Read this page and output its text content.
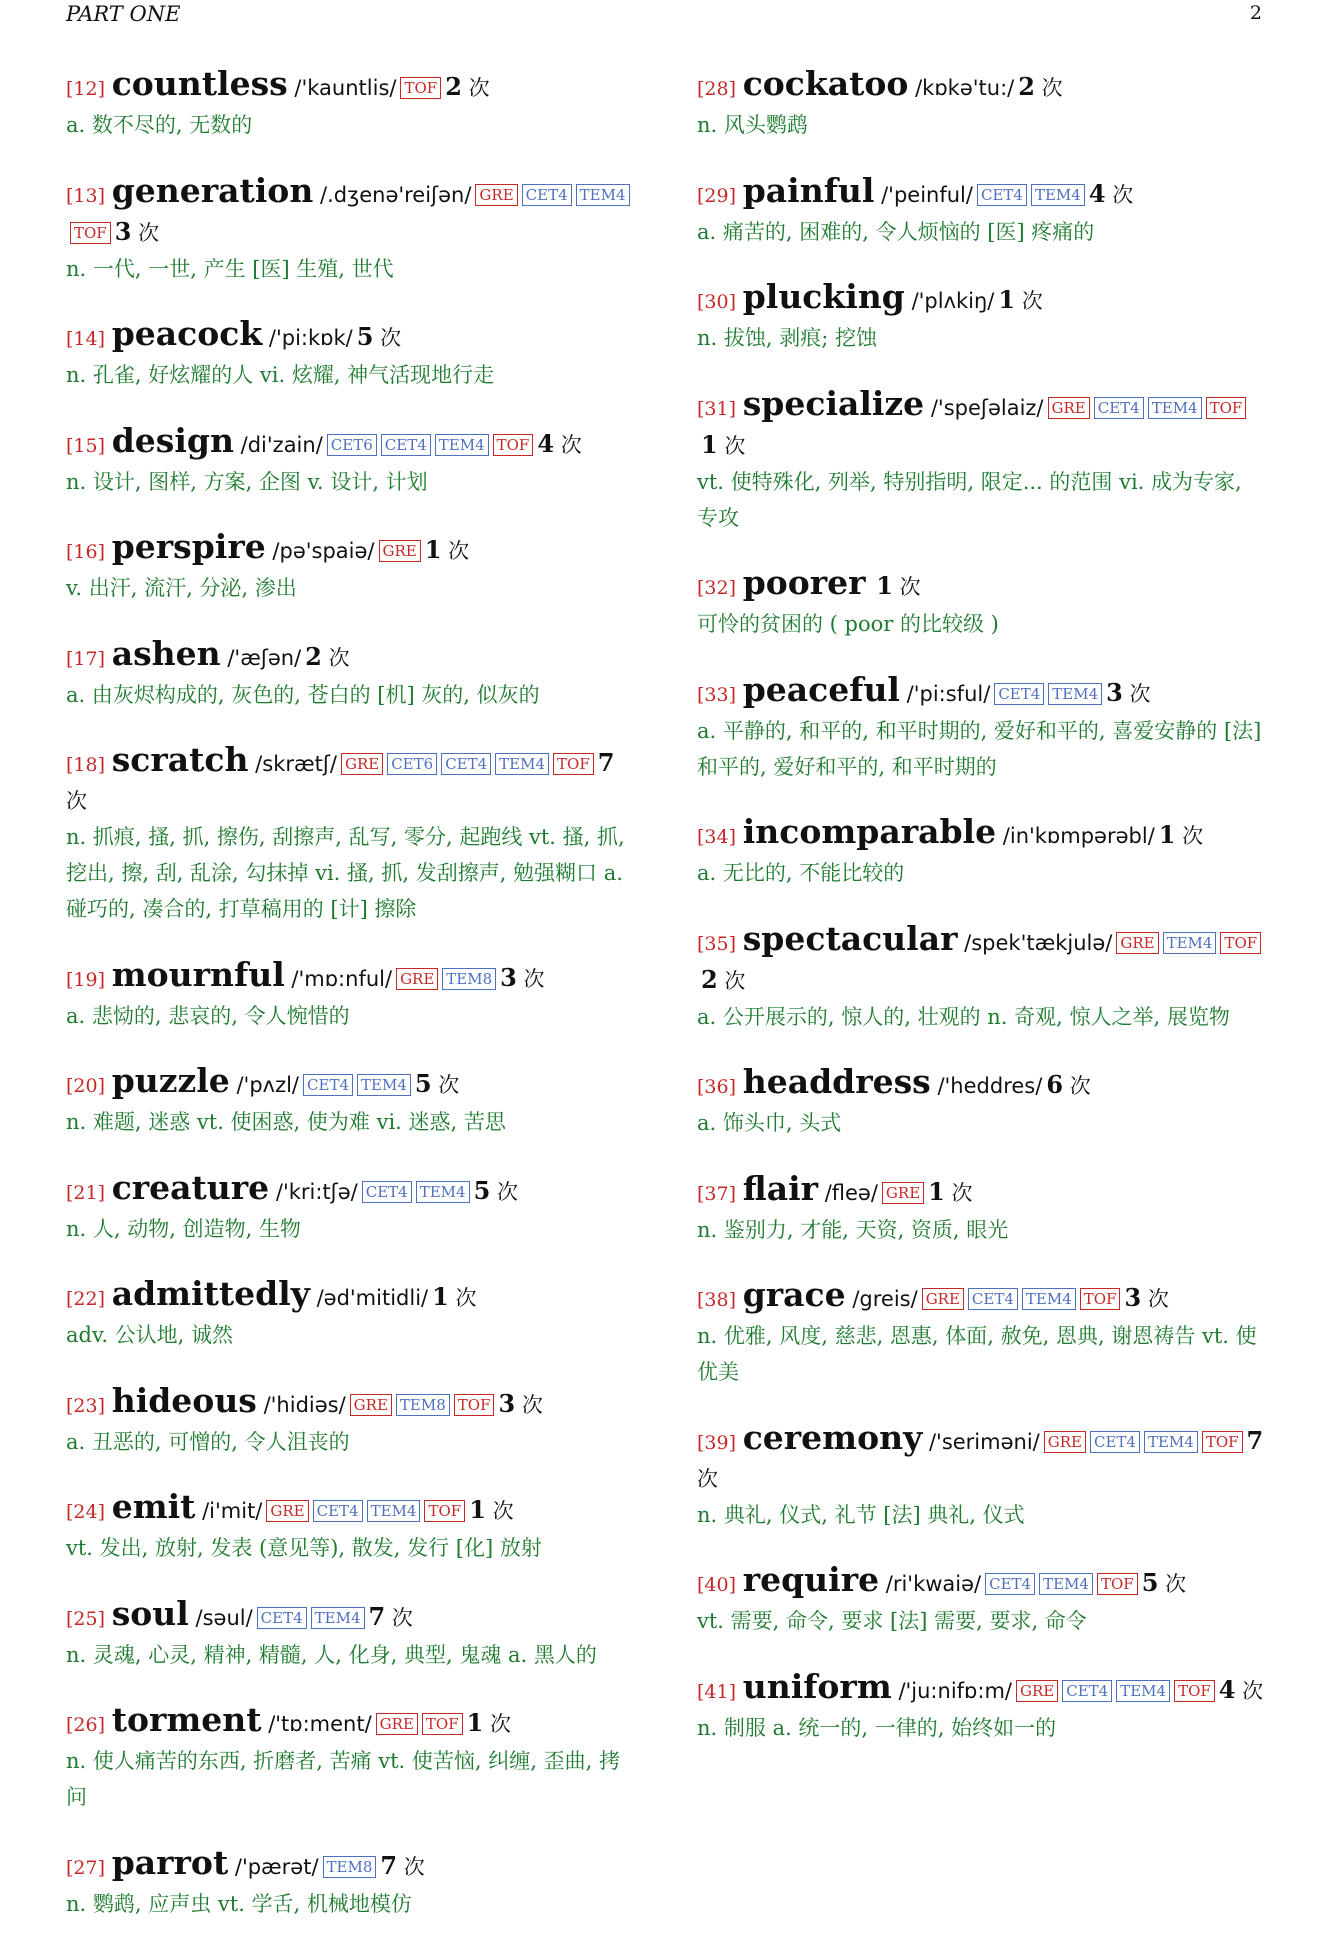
PART ONE	2
[12] countless /'kauntlis/ TOF 2 次
a. 数不尽的, 无数的
[13] generation /.dʒenə'reiʃən/ GRE CET4 TEM4TOF 3 次
n. 一代, 一世, 产生 [医] 生殖, 世代
[14] peacock /'pi:kɒk/ 5 次
n. 孔雀, 好炫耀的人 vi. 炫耀, 神气活现地行走
[15] design /di'zain/ CET6 CET4 TEM4 TOF 4 次
n. 设计, 图样, 方案, 企图 v. 设计, 计划
[16] perspire /pə'spaiə/ GRE 1 次
v. 出汗, 流汗, 分泌, 渗出
[17] ashen /'æʃən/ 2 次
a. 由灰烬构成的, 灰色的, 苍白的 [机] 灰的, 似灰的
[18] scratch /skrætʃ/ GRE CET6 CET4 TEM4 TOF 7 次
n. 抓痕, 搔, 抓, 擦伤, 刮擦声, 乱写, 零分, 起跑线 vt. 搔, 抓, 挖出, 擦, 刮, 乱涂, 勾抹掉 vi. 搔, 抓, 发刮擦声, 勉强糊口 a. 碰巧的, 凑合的, 打草稿用的 [计] 擦除
[19] mournful /'mɒ:nful/ GRE TEM8 3 次
a. 悲恸的, 悲哀的, 令人惋惜的
[20] puzzle /'pʌzl/ CET4 TEM4 5 次
n. 难题, 迷惑 vt. 使困惑, 使为难 vi. 迷惑, 苦思
[21] creature /'kri:tʃə/ CET4 TEM4 5 次
n. 人, 动物, 创造物, 生物
[22] admittedly /əd'mitidli/ 1 次
adv. 公认地, 诚然
[23] hideous /'hidiəs/ GRE TEM8 TOF 3 次
a. 丑恶的, 可憎的, 令人沮丧的
[24] emit /i'mit/ GRE CET4 TEM4 TOF 1 次
vt. 发出, 放射, 发表 (意见等), 散发, 发行 [化] 放射
[25] soul /səul/ CET4 TEM4 7 次
n. 灵魂, 心灵, 精神, 精髓, 人, 化身, 典型, 鬼魂 a. 黑人的
[26] torment /'tɒ:ment/ GRE TOF 1 次
n. 使人痛苦的东西, 折磨者, 苦痛 vt. 使苦恼, 纠缠, 歪曲, 拷问
[27] parrot /'pærət/ TEM8 7 次
n. 鹦鹉, 应声虫 vt. 学舌, 机械地模仿
[28] cockatoo /kɒkə'tu:/ 2 次
n. 风头鹦鹉
[29] painful /'peinful/ CET4 TEM4 4 次
a. 痛苦的, 困难的, 令人烦恼的 [医] 疼痛的
[30] plucking /'plʌkiŋ/ 1 次
n. 拔蚀, 剥痕; 挖蚀
[31] specialize /'speʃəlaiz/ GRE CET4 TEM4 TOF1 次
vt. 使特殊化, 列举, 特别指明, 限定... 的范围 vi. 成为专家, 专攻
[32] poorer 1 次
可怜的贫困的 ( poor 的比较级 )
[33] peaceful /'pi:sful/ CET4 TEM4 3 次
a. 平静的, 和平的, 和平时期的, 爱好和平的, 喜爱安静的 [法] 和平的, 爱好和平的, 和平时期的
[34] incomparable /in'kɒmpərəbl/ 1 次
a. 无比的, 不能比较的
[35] spectacular /spek'tækjulə/ GRE TEM4 TOF2 次
a. 公开展示的, 惊人的, 壮观的 n. 奇观, 惊人之举, 展览物
[36] headdress /'heddres/ 6 次
a. 饰头巾, 头式
[37] flair /fleə/ GRE 1 次
n. 鉴别力, 才能, 天资, 资质, 眼光
[38] grace /greis/ GRE CET4 TEM4 TOF 3 次
n. 优雅, 风度, 慈悲, 恩惠, 体面, 赦免, 恩典, 谢恩祷告 vt. 使优美
[39] ceremony /'seriməni/ GRE CET4 TEM4 TOF 7 次
n. 典礼, 仪式, 礼节 [法] 典礼, 仪式
[40] require /ri'kwaiə/ CET4 TEM4 TOF 5 次
vt. 需要, 命令, 要求 [法] 需要, 要求, 命令
[41] uniform /'ju:nifɒ:m/ GRE CET4 TEM4 TOF 4 次
n. 制服 a. 统一的, 一律的, 始终如一的
